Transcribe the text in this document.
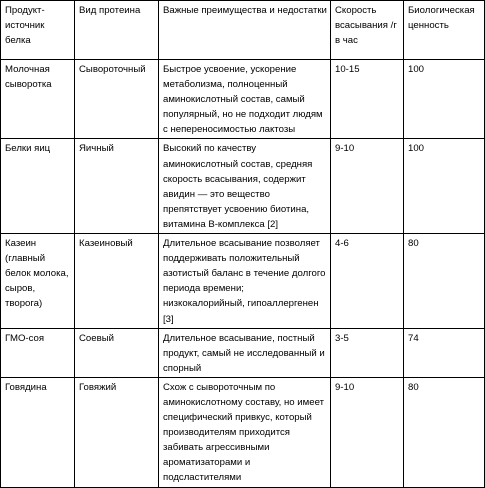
Продукт-источник белка	Вид протеина	Важные преимущества и недостатки	Скорость всасывания /г в час	Биологическая ценность
Молочная сыворотка	Сывороточный	Быстрое усвоение, ускорение метаболизма, полноценный аминокислотный состав, самый популярный, но не подходит людям с непереносимостью лактозы	10-15	100
Белки яиц	Яичный	Высокий по качеству аминокислотный состав, средняя скорость всасывания, содержит авидин — это вещество препятствует усвоению биотина, витамина В-комплекса [2]	9-10	100
Казеин (главный белок молока, сыров, творога)	Казеиновый	Длительное всасывание позволяет поддерживать положительный азотистый баланс в течение долгого периода времени; низкокалорийный, гипоаллергенен [3]	4-6	80
ГМО-соя	Соевый	Длительное всасывание, постный продукт, самый не исследованный и спорный	3-5	74
Говядина	Говяжий	Схож с сывороточным по аминокислотному составу, но имеет специфический привкус, который производителям приходится забивать агрессивными ароматизаторами и подсластителями	9-10	80
